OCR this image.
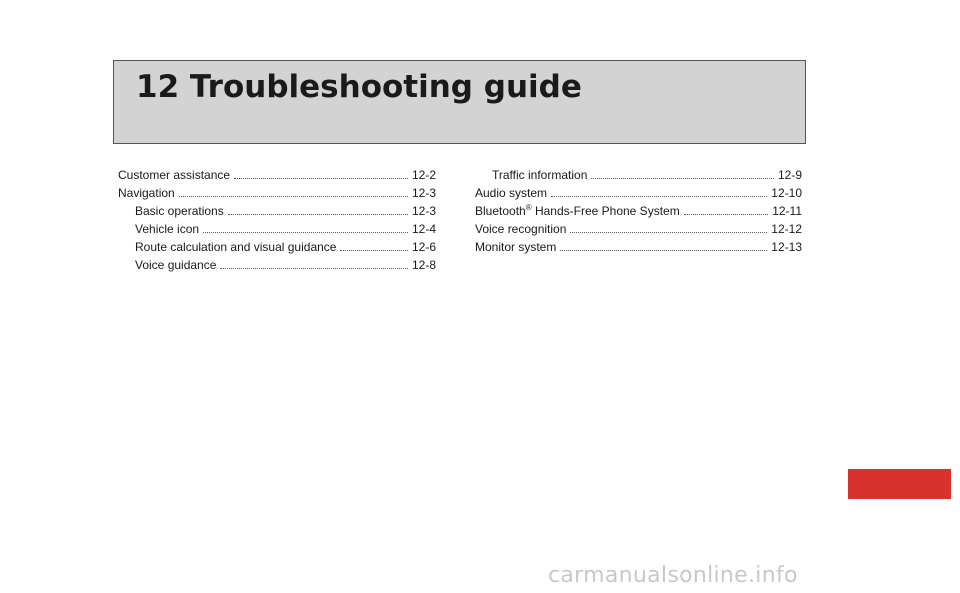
12 Troubleshooting guide
Customer assistance	12-2
Navigation	12-3
Basic operations	12-3
Vehicle icon	12-4
Route calculation and visual guidance	12-6
Voice guidance	12-8
Traffic information	12-9
Audio system	12-10
Bluetooth® Hands-Free Phone System	12-11
Voice recognition	12-12
Monitor system	12-13
carmanualsonline.info
